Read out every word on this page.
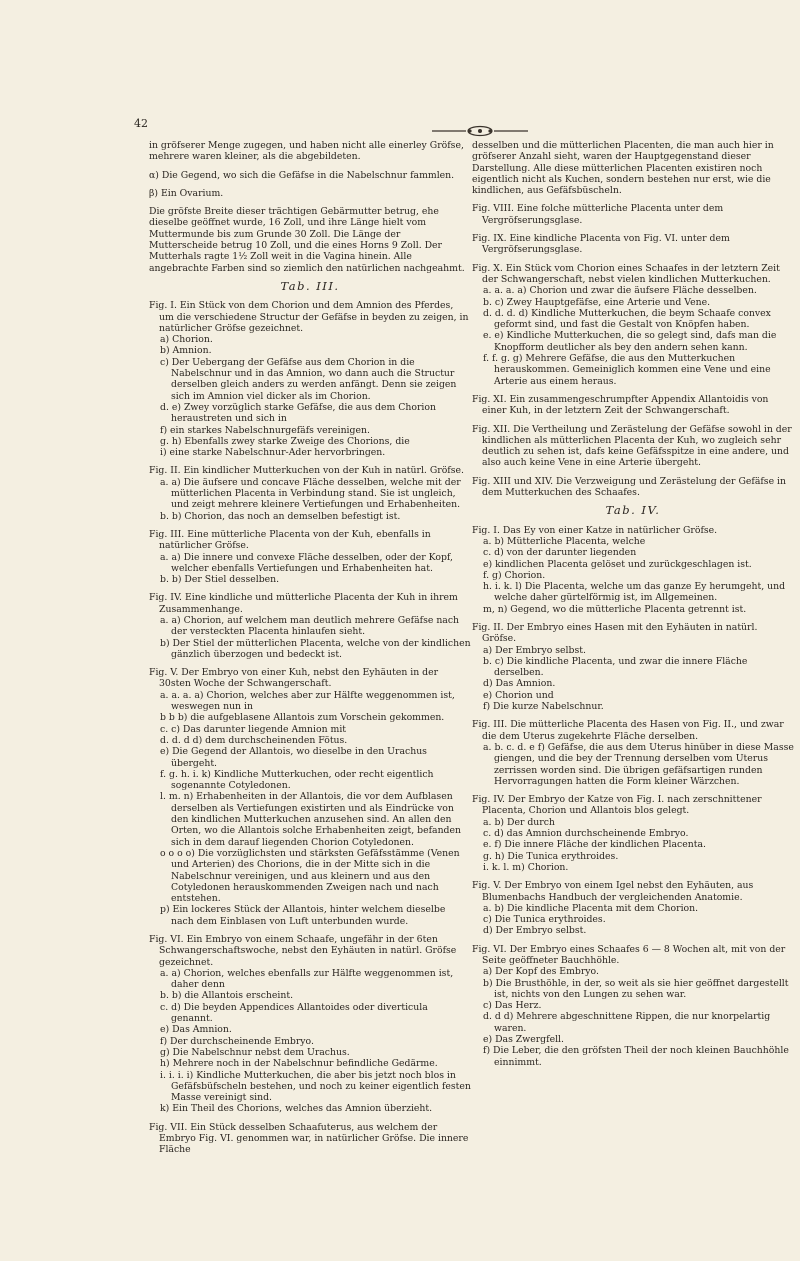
42

in gröfserer Menge zugegen, und haben nicht alle einerley Gröfse, mehrere waren kleiner, als die abgebildeten.

α) Die Gegend, wo sich die Gefäfse in die Nabelschnur fammlen.

β) Ein Ovarium.

Die gröfste Breite dieser trächtigen Gebärmutter betrug, ehe dieselbe geöffnet wurde, 16 Zoll, und ihre Länge hielt vom Muttermunde bis zum Grunde 30 Zoll. Die Länge der Mutterscheide betrug 10 Zoll, und die eines Horns 9 Zoll. Der Mutterhals ragte 1½ Zoll weit in die Vagina hinein. Alle angebrachte Farben sind so ziemlich den natürlichen nachgeahmt.

Tab. III.
Fig. I. Ein Stück von dem Chorion und dem Amnion des Pferdes, um die verschiedene Structur der Gefäfse in beyden zu zeigen, in natürlicher Gröfse gezeichnet.
a) Chorion.
b) Amnion.
c) Der Uebergang der Gefäfse aus dem Chorion in die Nabelschnur und in das Amnion, wo dann auch die Structur derselben gleich anders zu werden anfängt. Denn sie zeigen sich im Amnion viel dicker als im Chorion.
d. e) Zwey vorzüglich starke Gefäfse, die aus dem Chorion heraustreten und sich in
f) ein starkes Nabelschnurgefäfs vereinigen.
g. h) Ebenfalls zwey starke Zweige des Chorions, die
i) eine starke Nabelschnur-Ader hervorbringen.
Fig. II. Ein kindlicher Mutterkuchen von der Kuh in natürl. Gröfse.
a. a) Die äufsere und concave Fläche desselben, welche mit der mütterlichen Placenta in Verbindung stand. Sie ist ungleich, und zeigt mehrere kleinere Vertiefungen und Erhabenheiten.
b. b) Chorion, das noch an demselben befestigt ist.
Fig. III. Eine mütterliche Placenta von der Kuh, ebenfalls in natürlicher Gröfse.
a. a) Die innere und convexe Fläche desselben, oder der Kopf, welcher ebenfalls Vertiefungen und Erhabenheiten hat.
b. b) Der Stiel desselben.
Fig. IV. Eine kindliche und mütterliche Placenta der Kuh in ihrem Zusammenhange.
a. a) Chorion, auf welchem man deutlich mehrere Gefäfse nach der versteckten Placenta hinlaufen sieht.
b) Der Stiel der mütterlichen Placenta, welche von der kindlichen gänzlich überzogen und bedeckt ist.
Fig. V. Der Embryo von einer Kuh, nebst den Eyhäuten in der 30sten Woche der Schwangerschaft.
a. a. a. a) Chorion, welches aber zur Hälfte weggenommen ist, weswegen nun in
b b b) die aufgeblasene Allantois zum Vorschein gekommen.
c. c) Das darunter liegende Amnion mit
d. d. d d) dem durchscheinenden Fötus.
e) Die Gegend der Allantois, wo dieselbe in den Urachus übergeht.
f. g. h. i. k) Kindliche Mutterkuchen, oder recht eigentlich sogenannte Cotyledonen.
l. m. n) Erhabenheiten in der Allantois, die vor dem Aufblasen derselben als Vertiefungen existirten und als Eindrücke von den kindlichen Mutterkuchen anzusehen sind. An allen den Orten, wo die Allantois solche Erhabenheiten zeigt, befanden sich in dem darauf liegenden Chorion Cotyledonen.
o o o o) Die vorzüglichsten und stärksten Gefäfsstämme (Venen und Arterien) des Chorions, die in der Mitte sich in die Nabelschnur vereinigen, und aus kleinern und aus den Cotyledonen herauskommenden Zweigen nach und nach entstehen.
p) Ein lockeres Stück der Allantois, hinter welchem dieselbe nach dem Einblasen von Luft unterbunden wurde.
Fig. VI. Ein Embryo von einem Schaafe, ungefähr in der 6ten Schwangerschaftswoche, nebst den Eyhäuten in natürl. Gröfse gezeichnet.
a. a) Chorion, welches ebenfalls zur Hälfte weggenommen ist, daher denn
b. b) die Allantois erscheint.
c. d) Die beyden Appendices Allantoides oder diverticula genannt.
e) Das Amnion.
f) Der durchscheinende Embryo.
g) Die Nabelschnur nebst dem Urachus.
h) Mehrere noch in der Nabelschnur befindliche Gedärme.
i. i. i. i) Kindliche Mutterkuchen, die aber bis jetzt noch blos in Gefäfsbüfscheln bestehen, und noch zu keiner eigentlich festen Masse vereinigt sind.
k) Ein Theil des Chorions, welches das Amnion überzieht.
Fig. VII. Ein Stück desselben Schaafuterus, aus welchem der Embryo Fig. VI. genommen war, in natürlicher Gröfse. Die innere Fläche

desselben und die mütterlichen Placenten, die man auch hier in gröfserer Anzahl sieht, waren der Hauptgegenstand dieser Darstellung. Alle diese mütterlichen Placenten existiren noch eigentlich nicht als Kuchen, sondern bestehen nur erst, wie die kindlichen, aus Gefäfsbüscheln.

Fig. VIII. Eine folche mütterliche Placenta unter dem Vergröfserungsglase.
Fig. IX. Eine kindliche Placenta von Fig. VI. unter dem Vergröfserungsglase.
Fig. X. Ein Stück vom Chorion eines Schaafes in der letztern Zeit der Schwangerschaft, nebst vielen kindlichen Mutterkuchen.
a. a. a. a) Chorion und zwar die äufsere Fläche desselben.
b. c) Zwey Hauptgefäfse, eine Arterie und Vene.
d. d. d. d) Kindliche Mutterkuchen, die beym Schaafe convex geformt sind, und fast die Gestalt von Knöpfen haben.
e. e) Kindliche Mutterkuchen, die so gelegt sind, dafs man die Knopfform deutlicher als bey den andern sehen kann.
f. f. g. g) Mehrere Gefäfse, die aus den Mutterkuchen herauskommen. Gemeiniglich kommen eine Vene und eine Arterie aus einem heraus.
Fig. XI. Ein zusammengeschrumpfter Appendix Allantoidis von einer Kuh, in der letztern Zeit der Schwangerschaft.
Fig. XII. Die Vertheilung und Zerästelung der Gefäfse sowohl in der kindlichen als mütterlichen Placenta der Kuh, wo zugleich sehr deutlich zu sehen ist, dafs keine Gefäfsspitze in eine andere, und also auch keine Vene in eine Arterie übergeht.
Fig. XIII und XIV. Die Verzweigung und Zerästelung der Gefäfse in dem Mutterkuchen des Schaafes.
Tab. IV.
Fig. I. Das Ey von einer Katze in natürlicher Gröfse.
a. b) Mütterliche Placenta, welche
c. d) von der darunter liegenden
e) kindlichen Placenta gelöset und zurückgeschlagen ist.
f. g) Chorion.
h. i. k. l) Die Placenta, welche um das ganze Ey herumgeht, und welche daher gürtelförmig ist, im Allgemeinen.
m, n) Gegend, wo die mütterliche Placenta getrennt ist.
Fig. II. Der Embryo eines Hasen mit den Eyhäuten in natürl. Gröfse.
a) Der Embryo selbst.
b. c) Die kindliche Placenta, und zwar die innere Fläche derselben.
d) Das Amnion.
e) Chorion und
f) Die kurze Nabelschnur.
Fig. III. Die mütterliche Placenta des Hasen von Fig. II., und zwar die dem Uterus zugekehrte Fläche derselben.
a. b. c. d. e f) Gefäfse, die aus dem Uterus hinüber in diese Masse giengen, und die bey der Trennung derselben vom Uterus zerrissen worden sind. Die übrigen gefäfsartigen runden Hervorragungen hatten die Form kleiner Wärzchen.
Fig. IV. Der Embryo der Katze von Fig. I. nach zerschnittener Placenta, Chorion und Allantois blos gelegt.
a. b) Der durch
c. d) das Amnion durchscheinende Embryo.
e. f) Die innere Fläche der kindlichen Placenta.
g. h) Die Tunica erythroides.
i. k. l. m) Chorion.
Fig. V. Der Embryo von einem Igel nebst den Eyhäuten, aus Blumenbachs Handbuch der vergleichenden Anatomie.
a. b) Die kindliche Placenta mit dem Chorion.
c) Die Tunica erythroides.
d) Der Embryo selbst.
Fig. VI. Der Embryo eines Schaafes 6 — 8 Wochen alt, mit von der Seite geöffneter Bauchhöhle.
a) Der Kopf des Embryo.
b) Die Brusthöhle, in der, so weit als sie hier geöffnet dargestellt ist, nichts von den Lungen zu sehen war.
c) Das Herz.
d. d d) Mehrere abgeschnittene Rippen, die nur knorpelartig waren.
e) Das Zwergfell.
f) Die Leber, die den gröfsten Theil der noch kleinen Bauchhöhle einnimmt.
